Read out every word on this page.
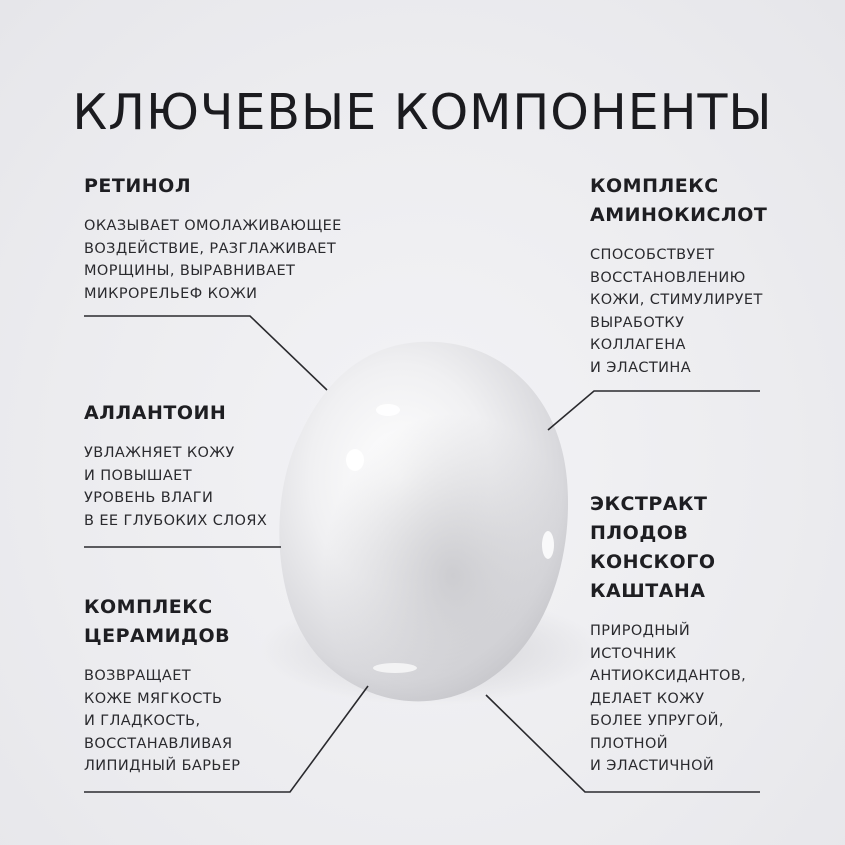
КЛЮЧЕВЫЕ КОМПОНЕНТЫ
РЕТИНОЛ
ОКАЗЫВАЕТ ОМОЛАЖИВАЮЩЕЕ
ВОЗДЕЙСТВИЕ, РАЗГЛАЖИВАЕТ
МОРЩИНЫ, ВЫРАВНИВАЕТ
МИКРОРЕЛЬЕФ КОЖИ
АЛЛАНТОИН
УВЛАЖНЯЕТ КОЖУ
И ПОВЫШАЕТ
УРОВЕНЬ ВЛАГИ
В ЕЕ ГЛУБОКИХ СЛОЯХ
КОМПЛЕКС
ЦЕРАМИДОВ
ВОЗВРАЩАЕТ
КОЖЕ МЯГКОСТЬ
И ГЛАДКОСТЬ,
ВОССТАНАВЛИВАЯ
ЛИПИДНЫЙ БАРЬЕР
КОМПЛЕКС
АМИНОКИСЛОТ
СПОСОБСТВУЕТ
ВОССТАНОВЛЕНИЮ
КОЖИ, СТИМУЛИРУЕТ
ВЫРАБОТКУ
КОЛЛАГЕНА
И ЭЛАСТИНА
ЭКСТРАКТ
ПЛОДОВ
КОНСКОГО
КАШТАНА
ПРИРОДНЫЙ
ИСТОЧНИК
АНТИОКСИДАНТОВ,
ДЕЛАЕТ КОЖУ
БОЛЕЕ УПРУГОЙ,
ПЛОТНОЙ
И ЭЛАСТИЧНОЙ
